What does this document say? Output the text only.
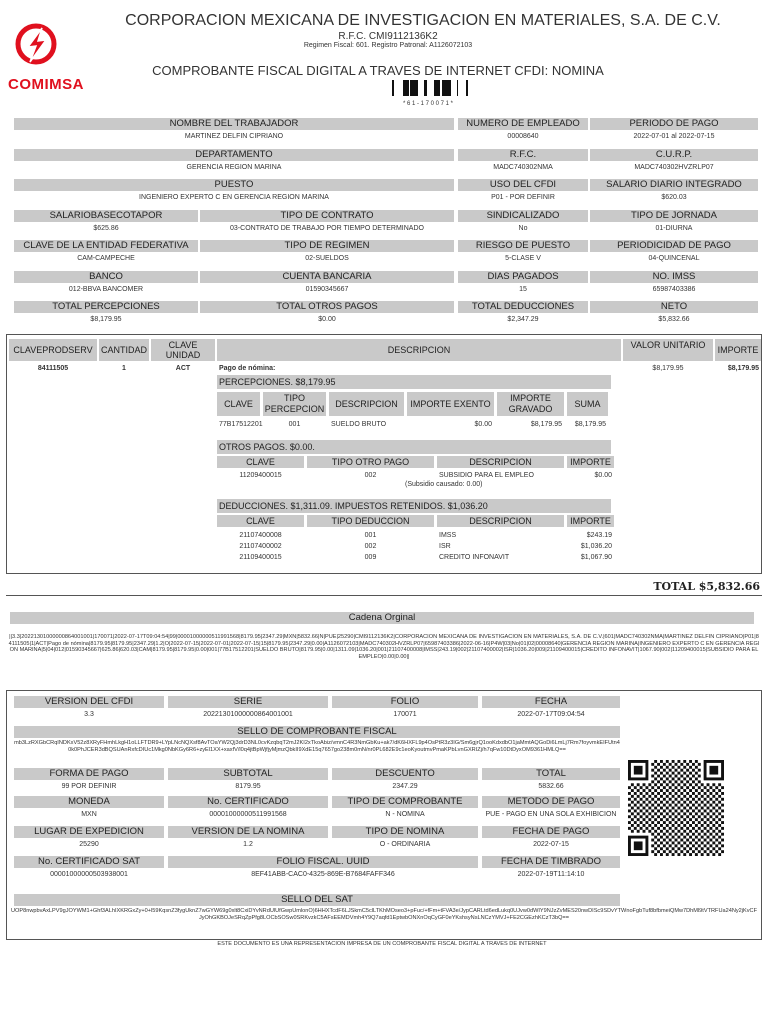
COMIMSA
CORPORACION MEXICANA DE INVESTIGACION EN MATERIALES, S.A. DE C.V.
R.F.C. CMI9112136K2
Regimen Fiscal: 601. Registro Patronal: A1126072103
COMPROBANTE FISCAL DIGITAL A TRAVES DE INTERNET CFDI: NOMINA
* 6 1 - 1 7 0 0 7 1 *
NOMBRE DEL TRABAJADOR
MARTINEZ DELFIN CIPRIANO
NUMERO DE EMPLEADO
00008640
PERIODO DE PAGO
2022-07-01 al 2022-07-15
DEPARTAMENTO
GERENCIA REGION MARINA
R.F.C.
MADC740302NMA
C.U.R.P.
MADC740302HVZRLP07
PUESTO
INGENIERO EXPERTO C EN GERENCIA REGION MARINA
USO DEL CFDI
P01 - POR DEFINIR
SALARIO DIARIO INTEGRADO
$620.03
SALARIOBASECOTAPOR
$625.86
TIPO DE CONTRATO
03-CONTRATO DE TRABAJO POR TIEMPO DETERMINADO
SINDICALIZADO
No
TIPO DE JORNADA
01-DIURNA
CLAVE DE LA ENTIDAD FEDERATIVA
CAM-CAMPECHE
TIPO DE REGIMEN
02-SUELDOS
RIESGO DE PUESTO
5-CLASE V
PERIODICIDAD DE PAGO
04-QUINCENAL
BANCO
012-BBVA BANCOMER
CUENTA BANCARIA
01590345667
DIAS PAGADOS
15
NO. IMSS
65987403386
TOTAL PERCEPCIONES
$8,179.95
TOTAL OTROS PAGOS
$0.00
TOTAL DEDUCCIONES
$2,347.29
NETO
$5,832.66
CLAVEPRODSERV CANTIDAD	CLAVE UNIDAD	DESCRIPCION	VALOR UNITARIO	IMPORTE
84111505	1	ACT	Pago de nómina:	$8,179.95	$8,179.95
PERCEPCIONES. $8,179.95
CLAVE
TIPO PERCEPCION
DESCRIPCION	IMPORTE EXENTO
IMPORTE GRAVADO
SUMA
77B17512201	001	SUELDO BRUTO	$0.00	$8,179.95	$8,179.95
OTROS PAGOS. $0.00.
CLAVE	TIPO OTRO PAGO	DESCRIPCION	IMPORTE
11209400015	002	SUBSIDIO PARA EL EMPLEO	$0.00
(Subsidio causado: 0.00)
DEDUCCIONES. $1,311.09. IMPUESTOS RETENIDOS. $1,036.20
CLAVE	TIPO DEDUCCION	DESCRIPCION	IMPORTE
21107400008	001	IMSS	$243.19
21107400002	002	ISR	$1,036.20
21109400015	009	CREDITO INFONAVIT	$1,067.90
TOTAL $5,832.66
Cadena Orginal
||3.3|20221301000000864001001|170071|2022-07-17T09:04:54|99|00001000000511991568|8179.95|2347.29|MXN|5832.66|N|PUE|25290|CMI9112136K2|CORPORACION MEXICANA DE INVESTIGACION EN MATERIALES, S.A. DE C.V.|601|MADC740302NMA|MARTINEZ DELFIN CIPRIANO|P01|84111505|1|ACT|Pago de nómina|8179.95|8179.95|2347.29|1.2|O|2022-07-15|2022-07-01|2022-07-15|15|8179.95|2347.29|0.00|A1126072103|MADC740302HVZRLP07|65987403386|2022-06-16|P4W|03|No|01|02|00008640|GERENCIA REGION MARINA|INGENIERO EXPERTO C EN GERENCIA REGION MARINA|5|04|012|01590345667|625.86|620.03|CAM|8179.95|8179.95|0.00|001|77B17512201|SUELDO BRUTO|8179.95|0.00|1311.09|1036.20|001|21107400008|IMSS|243.19|002|21107400002|ISR|1036.20|009|21109400015|CREDITO INFONAVIT|1067.90|002|11209400015|SUBSIDIO PARA EL EMPLEO|0.00|0.00||
VERSION DEL CFDI
3.3
SERIE
20221301000000864001001
FOLIO
170071
FECHA
2022-07-17T09:04:54
FORMA DE PAGO
99 POR DEFINIR
SUBTOTAL
8179.95
DESCUENTO
2347.29
TOTAL
5832.66
MONEDA
MXN
No. CERTIFICADO
00001000000511991568
TIPO DE COMPROBANTE
N - NOMINA
METODO DE PAGO
PUE - PAGO EN UNA SOLA EXHIBICION
LUGAR DE EXPEDICION
25290
VERSION DE LA NOMINA
1.2
TIPO DE NOMINA
O - ORDINARIA
FECHA DE PAGO
2022-07-15
No. CERTIFICADO SAT
00001000000503938001
FOLIO FISCAL. UUID
8EF41ABB-CAC0-4325-869E-B7684FAFF346
FECHA DE TIMBRADO
2022-07-19T11:14:10
SELLO DE COMPROBANTE FISCAL
mb3LzRXGbCRqINDKxV52z8XRyFHmhLkgH1oLLFTDR9+LYpLNcNQXsf8AvTOaYW2Qj3drD3NL0cvKzqbqT2mJ2KI2xTkoAbiz/vmnC4R3NmGbKu+ak7/dK6HXFL9p4OsPtR3z3IG/Sm6gjrQ1ooKdxdbO1jaMmtAQGoDi6LmLj7Rm7foyvmkEIFUtn40k0PhJCER3dBQSUAnRxfcDIUc1Mkg0NbKGy6R6+zyEl1XX+xaxfV/l0q4jtBpWjfjyMjmzQbkII9XdE15q7657go238m0mN/nr0PL682E9c1eoKyoutmvPmaKPbLvnGXRIZj/h7qFw10DtDyxOM9361HMLQ==
SELLO DEL SAT
UOP8nwpbvAxLPV9gJOYWM1+Ghf3ALhIXKRGxZy+0+l59KqsnZ3fygUknZ7wGYW69g0xlt8CxiDYvNRdUlUfGwpUmlonO)6HHXTcdF6LJSkmC5clLTKhMOseo3+pFuc/+fFm+tFVA3e/JypCARLtd6edLukq0UJvw0dWIY9NJzZvMES20nwDISc9SDvYTWnoFgbTuf8bfbmeiQMw7DhMl9tVTRFUa24Ny2jKvCFJyOhGKBOJeSRqZpPfg8LOCbSOSw0SRKvzkC5AFsEEMDVmh4Y9Q7aqfd1EptwbONXnOqCyGF0eYKshsyNsLNCzYMVJ+FE2CGEzhKCzT3bQ==
ESTE DOCUMENTO ES UNA REPRESENTACION IMPRESA DE UN COMPROBANTE FISCAL DIGITAL A TRAVES DE INTERNET
